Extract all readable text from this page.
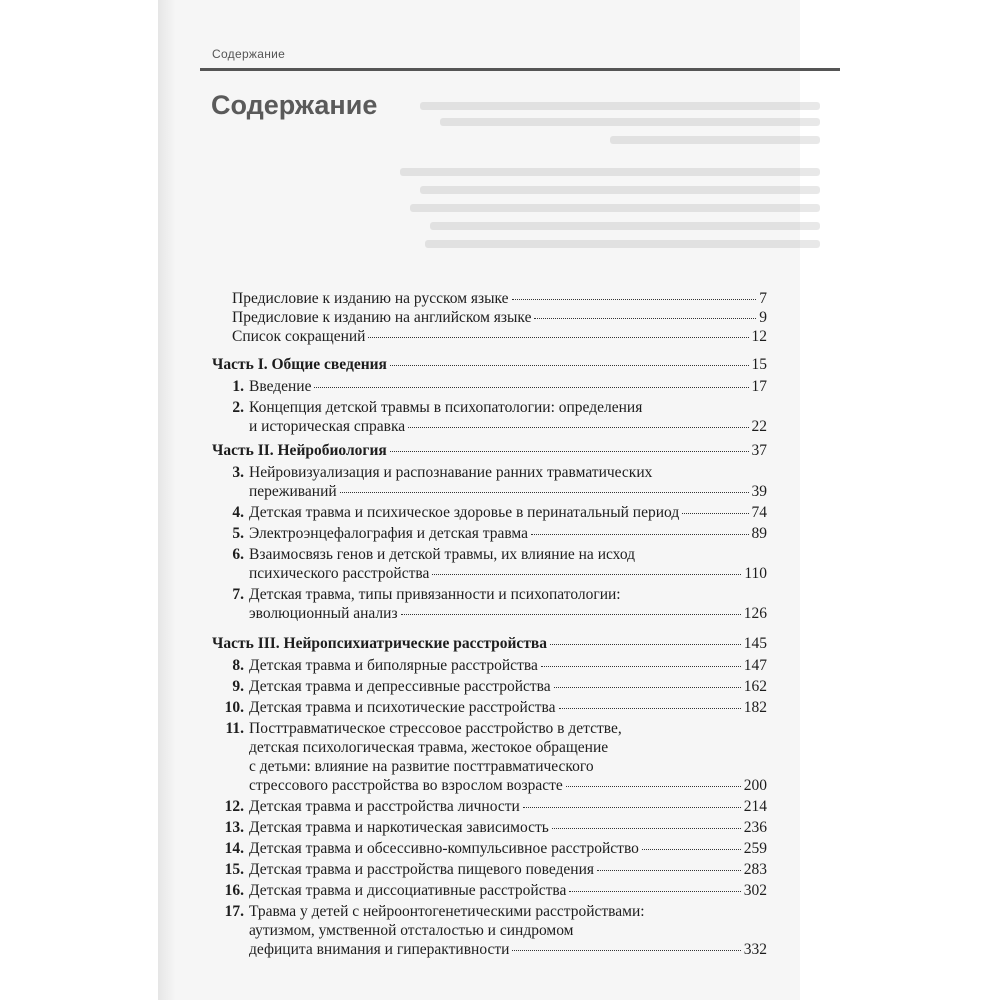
Содержание
Содержание
Предисловие к изданию на русском языке	7
Предисловие к изданию на английском языке	9
Список сокращений	12
Часть I. Общие сведения	15
1. Введение	17
2. Концепция детской травмы в психопатологии: определения
и историческая справка	22
Часть II. Нейробиология	37
3. Нейровизуализация и распознавание ранних травматических
переживаний	39
4. Детская травма и психическое здоровье в перинатальный период	74
5. Электроэнцефалография и детская травма	89
6. Взаимосвязь генов и детской травмы, их влияние на исход
психического расстройства	110
7. Детская травма, типы привязанности и психопатологии:
эволюционный анализ	126
Часть III. Нейропсихиатрические расстройства	145
8. Детская травма и биполярные расстройства	147
9. Детская травма и депрессивные расстройства	162
10. Детская травма и психотические расстройства	182
11. Посттравматическое стрессовое расстройство в детстве,
детская психологическая травма, жестокое обращение
с детьми: влияние на развитие посттравматического
стрессового расстройства во взрослом возрасте	200
12. Детская травма и расстройства личности	214
13. Детская травма и наркотическая зависимость	236
14. Детская травма и обсессивно-компульсивное расстройство	259
15. Детская травма и расстройства пищевого поведения	283
16. Детская травма и диссоциативные расстройства	302
17. Травма у детей с нейроонтогенетическими расстройствами:
аутизмом, умственной отсталостью и синдромом
дефицита внимания и гиперактивности	332
